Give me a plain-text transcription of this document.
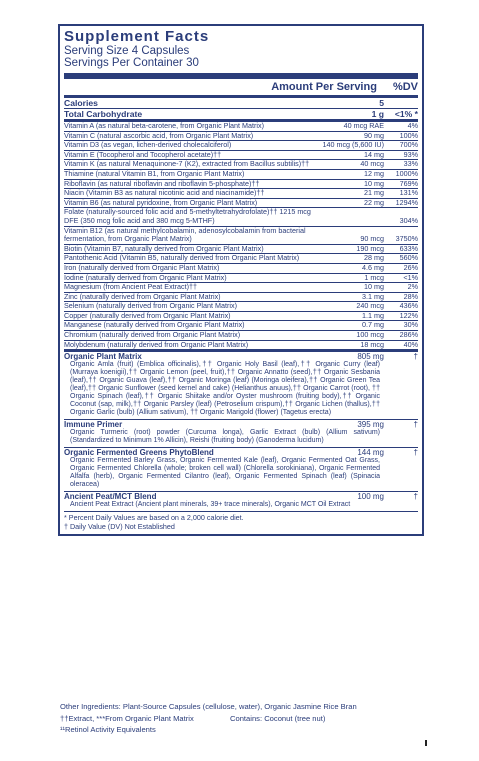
Supplement Facts
Serving Size 4 Capsules
Servings Per Container 30
Amount Per Serving %DV
Calories	5
Total Carbohydrate	1 g	<1% *
Vitamin A (as natural beta-carotene, from Organic Plant Matrix)	40 mcg RAE	4%
Vitamin C (natural ascorbic acid, from Organic Plant Matrix)	90 mg	100%
Vitamin D3 (as vegan, lichen-derived cholecalciferol)	140 mcg (5,600 IU)	700%
Vitamin E (Tocopherol and Tocopherol acetate)††	14 mg	93%
Vitamin K (as natural Menaquinone-7 (K2), extracted from Bacillus subtilis)††	40 mcg	33%
Thiamine (natural Vitamin B1, from Organic Plant Matrix)	12 mg	1000%
Riboflavin (as natural riboflavin and riboflavin 5-phosphate)††	10 mg	769%
Niacin (Vitamin B3 as natural nicotinic acid and niacinamide)††	21 mg	131%
Vitamin B6 (as natural pyridoxine, from Organic Plant Matrix)	22 mg	1294%
Folate (naturally-sourced folic acid and 5-methyltetrahydrofolate)†† 1215 mcg DFE (350 mcg folic acid and 380 mcg 5-MTHF)	304%
Vitamin B12 (as natural methylcobalamin, adenosylcobalamin from bacterial fermentation, from Organic Plant Matrix)	90 mcg	3750%
Biotin (Vitamin B7, naturally derived from Organic Plant Matrix)	190 mcg	633%
Pantothenic Acid (Vitamin B5, naturally derived from Organic Plant Matrix)	28 mg	560%
Iron (naturally derived from Organic Plant Matrix)	4.6 mg	26%
Iodine (naturally derived from Organic Plant Matrix)	1 mcg	<1%
Magnesium (from Ancient Peat Extract)††	10 mg	2%
Zinc (naturally derived from Organic Plant Matrix)	3.1 mg	28%
Selenium (naturally derived from Organic Plant Matrix)	240 mcg	436%
Copper (naturally derived from Organic Plant Matrix)	1.1 mg	122%
Manganese (naturally derived from Organic Plant Matrix)	0.7 mg	30%
Chromium (naturally derived from Organic Plant Matrix)	100 mcg	286%
Molybdenum (naturally derived from Organic Plant Matrix)	18 mcg	40%
Organic Plant Matrix	805 mg	†
Organic Amla (fruit) (Emblica officinalis),†† Organic Holy Basil (leaf),†† Organic Curry (leaf) (Murraya koenigii),†† Organic Lemon (peel, fruit),†† Organic Annatto (seed),†† Organic Sesbania (leaf),†† Organic Guava (leaf),†† Organic Moringa (leaf) (Moringa oleifera),†† Organic Green Tea (leaf),†† Organic Sunflower (seed kernel and cake) (Helianthus anuus),†† Organic Carrot (root), †† Organic Spinach (leaf),†† Organic Shiitake and/or Oyster mushroom (fruiting body),†† Organic Coconut (sap, milk),†† Organic Parsley (leaf) (Petroselium crispum),†† Organic Lichen (thallus),†† Organic Garlic (bulb) (Allium sativum), †† Organic Marigold (flower) (Tagetus erecta)
Immune Primer	395 mg	†
Organic Turmeric (root) powder (Curcuma longa), Garlic Extract (bulb) (Allium sativum) (Standardized to Minimum 1% Allicin), Reishi (fruiting body) (Ganoderma lucidum)
Organic Fermented Greens PhytoBlend	144 mg	†
Organic Fermented Barley Grass, Organic Fermented Kale (leaf), Organic Fermented Oat Grass, Organic Fermented Chlorella (whole; broken cell wall) (Chlorella sorokiniana), Organic Fermented Alfalfa (herb), Organic Fermented Cilantro (leaf), Organic Fermented Spinach (leaf) (Spinacia oleracea)
Ancient Peat/MCT Blend	100 mg	†
Ancient Peat Extract (Ancient plant minerals, 39+ trace minerals), Organic MCT Oil Extract
* Percent Daily Values are based on a 2,000 calorie diet.
† Daily Value (DV) Not Established
Other Ingredients: Plant-Source Capsules (cellulose, water), Organic Jasmine Rice Bran
††Extract, ***From Organic Plant Matrix	Contains: Coconut (tree nut)
¹¹Retinol Activity Equivalents
